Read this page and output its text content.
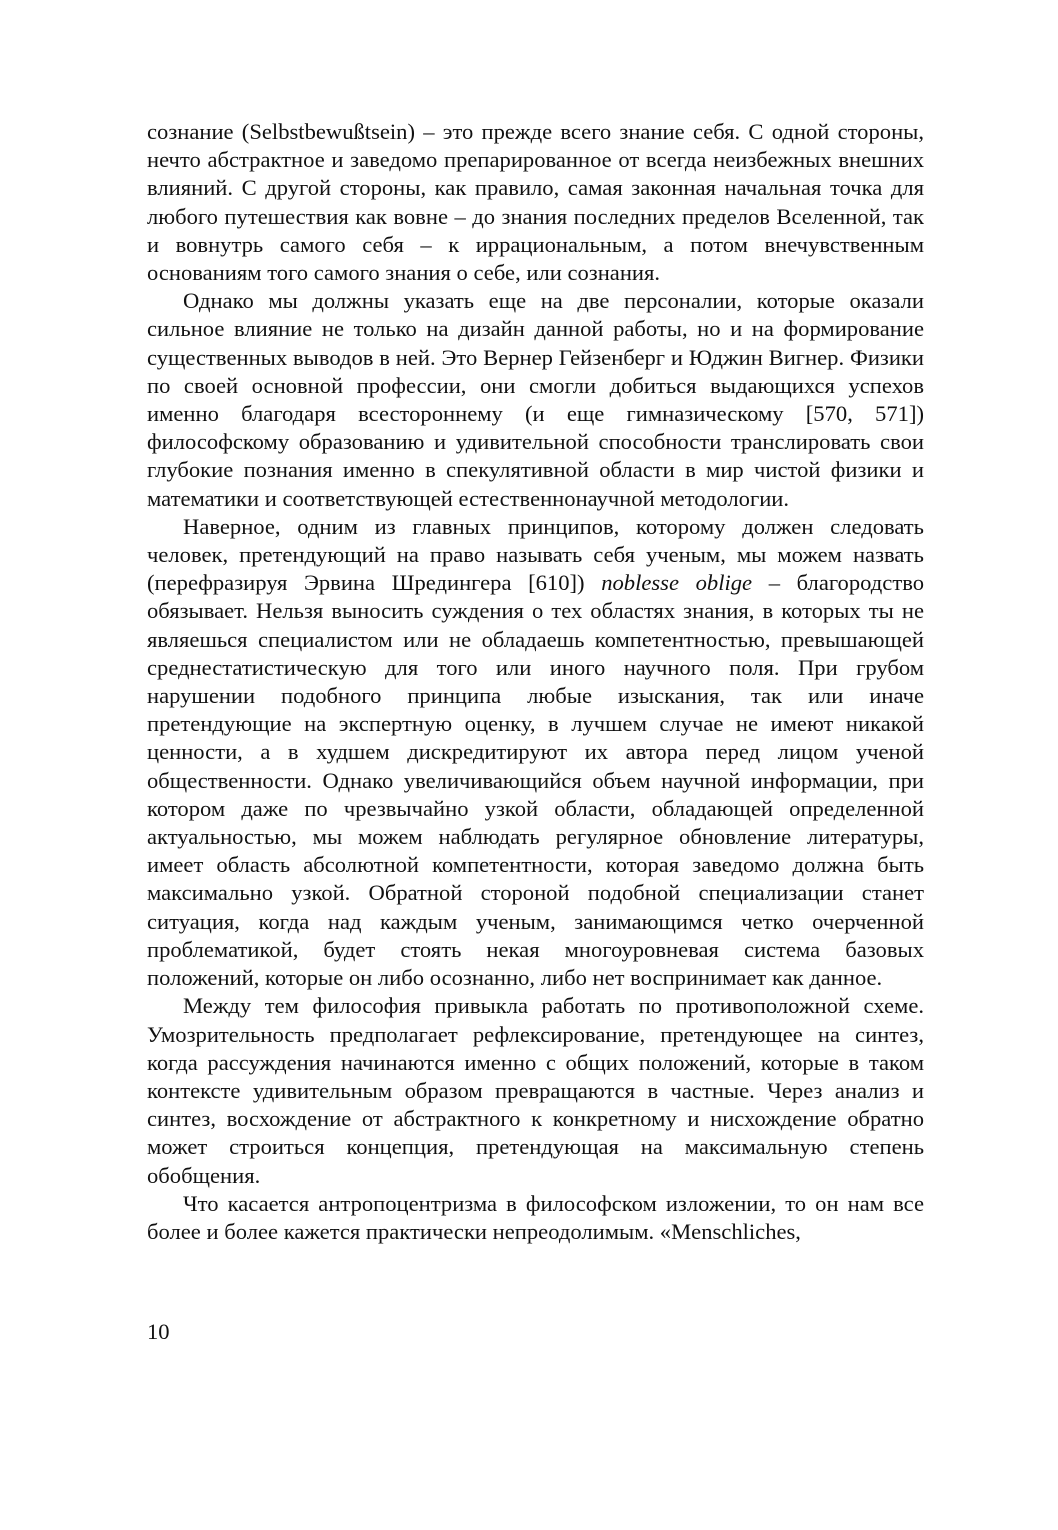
сознание (Selbstbewußtsein) – это прежде всего знание себя. С одной стороны, нечто абстрактное и заведомо препарированное от всегда неизбежных внешних влияний. С другой стороны, как правило, самая законная начальная точка для любого путешествия как вовне – до знания последних пределов Вселенной, так и вовнутрь самого себя – к иррациональным, а потом внечувственным основаниям того самого знания о себе, или сознания.

Однако мы должны указать еще на две персоналии, которые оказали сильное влияние не только на дизайн данной работы, но и на формирование существенных выводов в ней. Это Вернер Гейзенберг и Юджин Вигнер. Физики по своей основной профессии, они смогли добиться выдающихся успехов именно благодаря всестороннему (и еще гимназическому [570, 571]) философскому образованию и удивительной способности транслировать свои глубокие познания именно в спекулятивной области в мир чистой физики и математики и соответствующей естественнонаучной методологии.

Наверное, одним из главных принципов, которому должен следовать человек, претендующий на право называть себя ученым, мы можем назвать (перефразируя Эрвина Шредингера [610]) noblesse oblige – благородство обязывает. Нельзя выносить суждения о тех областях знания, в которых ты не являешься специалистом или не обладаешь компетентностью, превышающей среднестатистическую для того или иного научного поля. При грубом нарушении подобного принципа любые изыскания, так или иначе претендующие на экспертную оценку, в лучшем случае не имеют никакой ценности, а в худшем дискредитируют их автора перед лицом ученой общественности. Однако увеличивающийся объем научной информации, при котором даже по чрезвычайно узкой области, обладающей определенной актуальностью, мы можем наблюдать регулярное обновление литературы, имеет область абсолютной компетентности, которая заведомо должна быть максимально узкой. Обратной стороной подобной специализации станет ситуация, когда над каждым ученым, занимающимся четко очерченной проблематикой, будет стоять некая многоуровневая система базовых положений, которые он либо осознанно, либо нет воспринимает как данное.

Между тем философия привыкла работать по противоположной схеме. Умозрительность предполагает рефлексирование, претендующее на синтез, когда рассуждения начинаются именно с общих положений, которые в таком контексте удивительным образом превращаются в частные. Через анализ и синтез, восхождение от абстрактного к конкретному и нисхождение обратно может строиться концепция, претендующая на максимальную степень обобщения.

Что касается антропоцентризма в философском изложении, то он нам все более и более кажется практически непреодолимым. «Menschliches,

10
